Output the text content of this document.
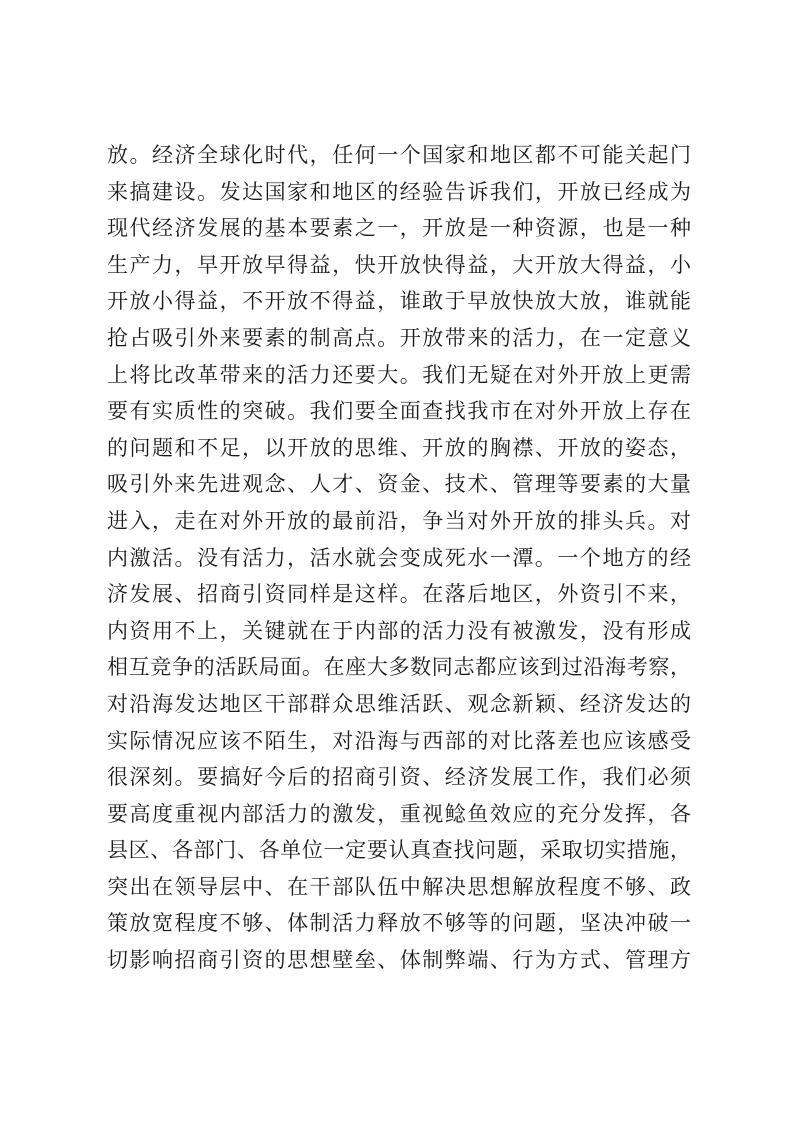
放。经济全球化时代，任何一个国家和地区都不可能关起门
来搞建设。发达国家和地区的经验告诉我们，开放已经成为
现代经济发展的基本要素之一，开放是一种资源，也是一种
生产力，早开放早得益，快开放快得益，大开放大得益，小
开放小得益，不开放不得益，谁敢于早放快放大放，谁就能
抢占吸引外来要素的制高点。开放带来的活力，在一定意义
上将比改革带来的活力还要大。我们无疑在对外开放上更需
要有实质性的突破。我们要全面查找我市在对外开放上存在
的问题和不足，以开放的思维、开放的胸襟、开放的姿态，
吸引外来先进观念、人才、资金、技术、管理等要素的大量
进入，走在对外开放的最前沿，争当对外开放的排头兵。对
内激活。没有活力，活水就会变成死水一潭。一个地方的经
济发展、招商引资同样是这样。在落后地区，外资引不来，
内资用不上，关键就在于内部的活力没有被激发，没有形成
相互竞争的活跃局面。在座大多数同志都应该到过沿海考察，
对沿海发达地区干部群众思维活跃、观念新颖、经济发达的
实际情况应该不陌生，对沿海与西部的对比落差也应该感受
很深刻。要搞好今后的招商引资、经济发展工作，我们必须
要高度重视内部活力的激发，重视鲶鱼效应的充分发挥，各
县区、各部门、各单位一定要认真查找问题，采取切实措施，
突出在领导层中、在干部队伍中解决思想解放程度不够、政
策放宽程度不够、体制活力释放不够等的问题，坚决冲破一
切影响招商引资的思想壁垒、体制弊端、行为方式、管理方
